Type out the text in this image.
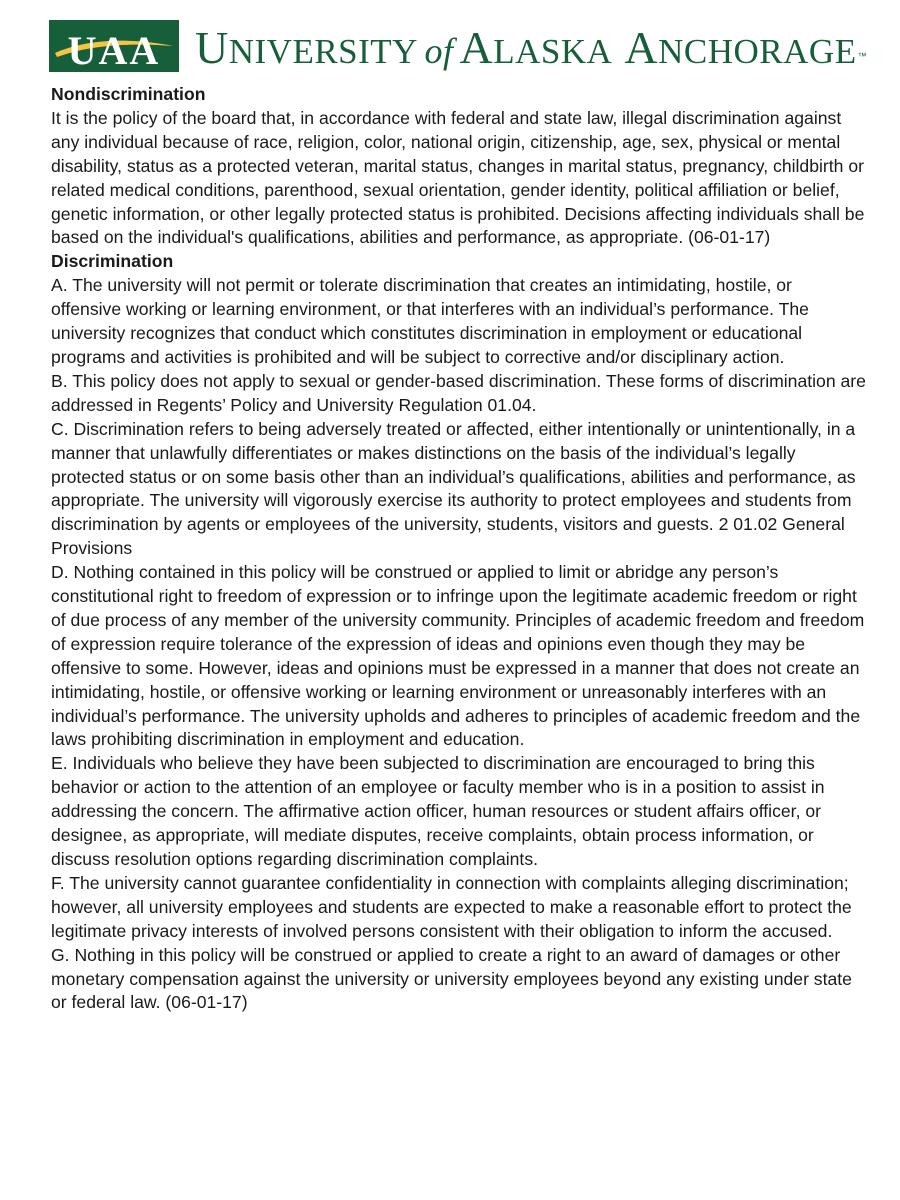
UAA UNIVERSITY of ALASKA ANCHORAGE™
Nondiscrimination

It is the policy of the board that, in accordance with federal and state law, illegal discrimination against any individual because of race, religion, color, national origin, citizenship, age, sex, physical or mental disability, status as a protected veteran, marital status, changes in marital status, pregnancy, childbirth or related medical conditions, parenthood, sexual orientation, gender identity, political affiliation or belief, genetic information, or other legally protected status is prohibited. Decisions affecting individuals shall be based on the individual's qualifications, abilities and performance, as appropriate. (06-01-17)

Discrimination

A. The university will not permit or tolerate discrimination that creates an intimidating, hostile, or offensive working or learning environment, or that interferes with an individual’s performance. The university recognizes that conduct which constitutes discrimination in employment or educational programs and activities is prohibited and will be subject to corrective and/or disciplinary action.

B. This policy does not apply to sexual or gender-based discrimination. These forms of discrimination are addressed in Regents’ Policy and University Regulation 01.04.

C. Discrimination refers to being adversely treated or affected, either intentionally or unintentionally, in a manner that unlawfully differentiates or makes distinctions on the basis of the individual’s legally protected status or on some basis other than an individual’s qualifications, abilities and performance, as appropriate. The university will vigorously exercise its authority to protect employees and students from discrimination by agents or employees of the university, students, visitors and guests. 2 01.02 General Provisions

D. Nothing contained in this policy will be construed or applied to limit or abridge any person’s constitutional right to freedom of expression or to infringe upon the legitimate academic freedom or right of due process of any member of the university community. Principles of academic freedom and freedom of expression require tolerance of the expression of ideas and opinions even though they may be offensive to some. However, ideas and opinions must be expressed in a manner that does not create an intimidating, hostile, or offensive working or learning environment or unreasonably interferes with an individual’s performance. The university upholds and adheres to principles of academic freedom and the laws prohibiting discrimination in employment and education.

E. Individuals who believe they have been subjected to discrimination are encouraged to bring this behavior or action to the attention of an employee or faculty member who is in a position to assist in addressing the concern. The affirmative action officer, human resources or student affairs officer, or designee, as appropriate, will mediate disputes, receive complaints, obtain process information, or discuss resolution options regarding discrimination complaints.

F. The university cannot guarantee confidentiality in connection with complaints alleging discrimination; however, all university employees and students are expected to make a reasonable effort to protect the legitimate privacy interests of involved persons consistent with their obligation to inform the accused.

G. Nothing in this policy will be construed or applied to create a right to an award of damages or other monetary compensation against the university or university employees beyond any existing under state or federal law. (06-01-17)
